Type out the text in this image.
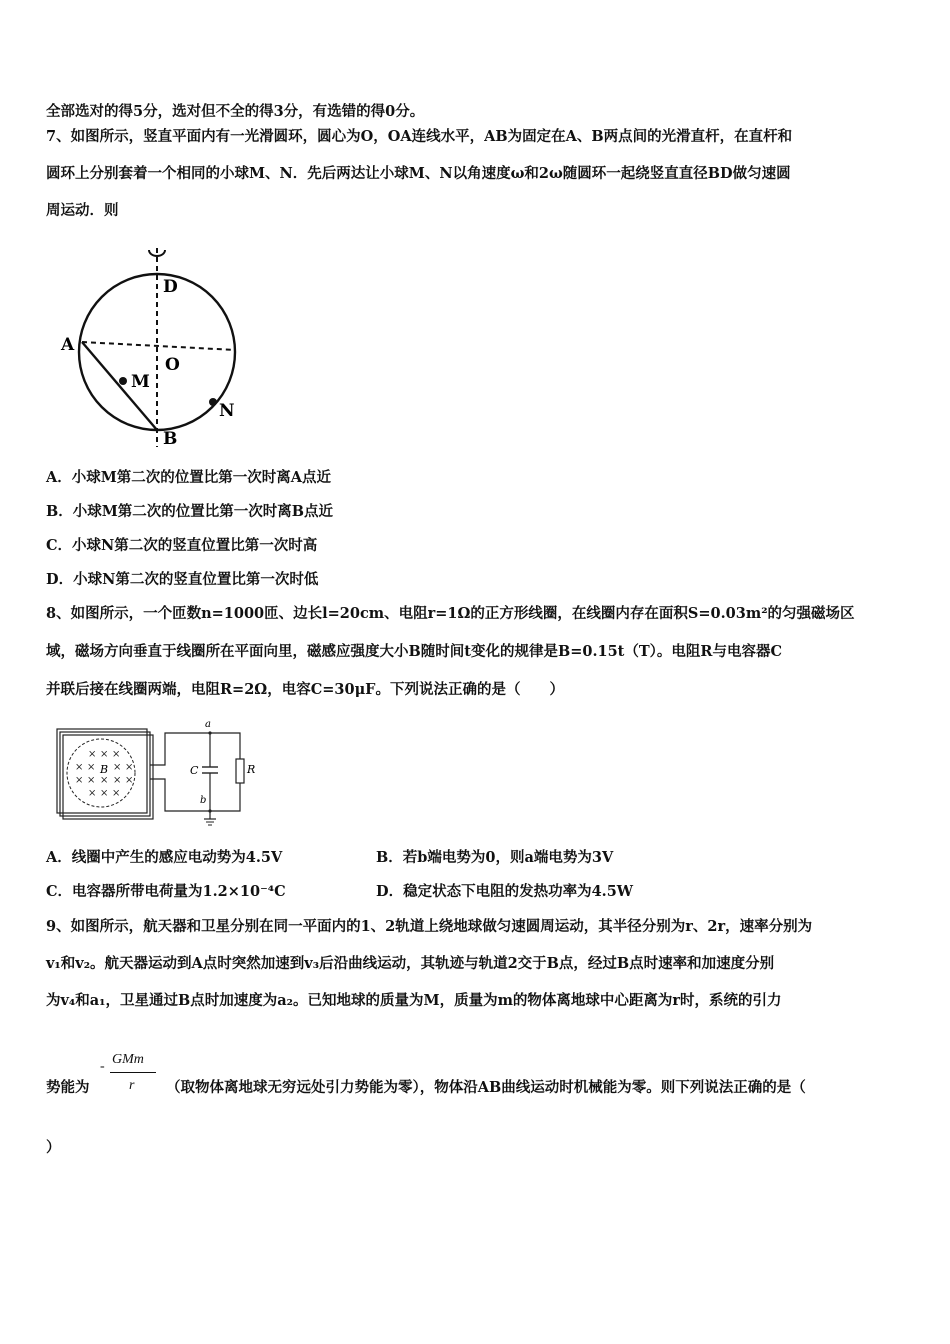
全部选对的得5分，选对但不全的得3分，有选错的得0分。
7、如图所示，竖直平面内有一光滑圆环，圆心为O，OA连线水平，AB为固定在A、B两点间的光滑直杆，在直杆和
圆环上分别套着一个相同的小球M、N．先后两达让小球M、N以角速度ω和2ω随圆环一起绕竖直直径BD做匀速圆
周运动．则
D
A
O
M
N
B
A．小球M第二次的位置比第一次时离A点近
B．小球M第二次的位置比第一次时离B点近
C．小球N第二次的竖直位置比第一次时高
D．小球N第二次的竖直位置比第一次时低
8、如图所示，一个匝数n=1000匝、边长l=20cm、电阻r=1Ω的正方形线圈，在线圈内存在面积S=0.03m²的匀强磁场区
域，磁场方向垂直于线圈所在平面向里，磁感应强度大小B随时间t变化的规律是B=0.15t（T）。电阻R与电容器C
并联后接在线圈两端，电阻R=2Ω，电容C=30μF。下列说法正确的是（　　）
× × ×
× × × ×
× × × × ×
× × ×
B
a
b
C	R
A．线圈中产生的感应电动势为4.5V	B．若b端电势为0，则a端电势为3V
C．电容器所带电荷量为1.2×10⁻⁴C	D．稳定状态下电阻的发热功率为4.5W
9、如图所示，航天器和卫星分别在同一平面内的1、2轨道上绕地球做匀速圆周运动，其半径分别为r、2r，速率分别为
v₁和v₂。航天器运动到A点时突然加速到v₃后沿曲线运动，其轨迹与轨道2交于B点，经过B点时速率和加速度分别
为v₄和a₁，卫星通过B点时加速度为a₂。已知地球的质量为M，质量为m的物体离地球中心距离为r时，系统的引力
势能为
- GMm
r （取物体离地球无穷远处引力势能为零），物体沿AB曲线运动时机械能为零。则下列说法正确的是（
）
